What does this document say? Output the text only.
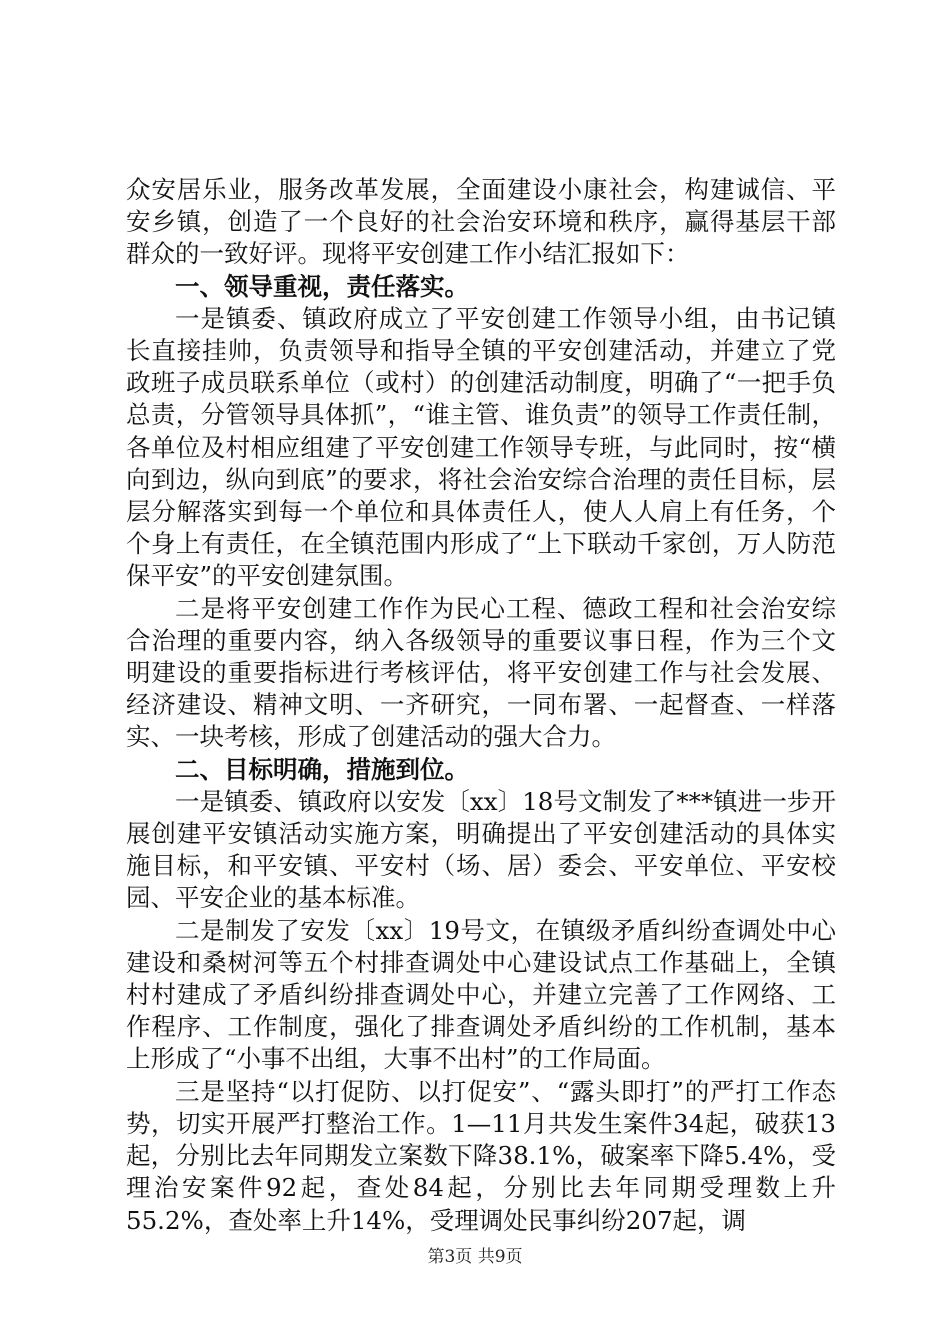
众安居乐业，服务改革发展，全面建设小康社会，构建诚信、平安乡镇，创造了一个良好的社会治安环境和秩序，赢得基层干部群众的一致好评。现将平安创建工作小结汇报如下：

一、领导重视，责任落实。

一是镇委、镇政府成立了平安创建工作领导小组，由书记镇长直接挂帅，负责领导和指导全镇的平安创建活动，并建立了党政班子成员联系单位（或村）的创建活动制度，明确了“一把手负总责，分管领导具体抓”，“谁主管、谁负责”的领导工作责任制，各单位及村相应组建了平安创建工作领导专班，与此同时，按“横向到边，纵向到底”的要求，将社会治安综合治理的责任目标，层层分解落实到每一个单位和具体责任人，使人人肩上有任务，个个身上有责任，在全镇范围内形成了“上下联动千家创，万人防范保平安”的平安创建氛围。

二是将平安创建工作作为民心工程、德政工程和社会治安综合治理的重要内容，纳入各级领导的重要议事日程，作为三个文明建设的重要指标进行考核评估，将平安创建工作与社会发展、经济建设、精神文明、一齐研究，一同布署、一起督查、一样落实、一块考核，形成了创建活动的强大合力。

二、目标明确，措施到位。

一是镇委、镇政府以安发〔xx〕18号文制发了***镇进一步开展创建平安镇活动实施方案，明确提出了平安创建活动的具体实施目标，和平安镇、平安村（场、居）委会、平安单位、平安校园、平安企业的基本标准。

二是制发了安发〔xx〕19号文，在镇级矛盾纠纷查调处中心建设和桑树河等五个村排查调处中心建设试点工作基础上，全镇村村建成了矛盾纠纷排查调处中心，并建立完善了工作网络、工作程序、工作制度，强化了排查调处矛盾纠纷的工作机制，基本上形成了“小事不出组，大事不出村”的工作局面。

三是坚持“以打促防、以打促安”、“露头即打”的严打工作态势，切实开展严打整治工作。1—11月共发生案件34起，破获13起，分别比去年同期发立案数下降38.1%，破案率下降5.4%，受理治安案件92起，查处84起，分别比去年同期受理数上升55.2%，查处率上升14%，受理调处民事纠纷207起，调

第3页 共9页
